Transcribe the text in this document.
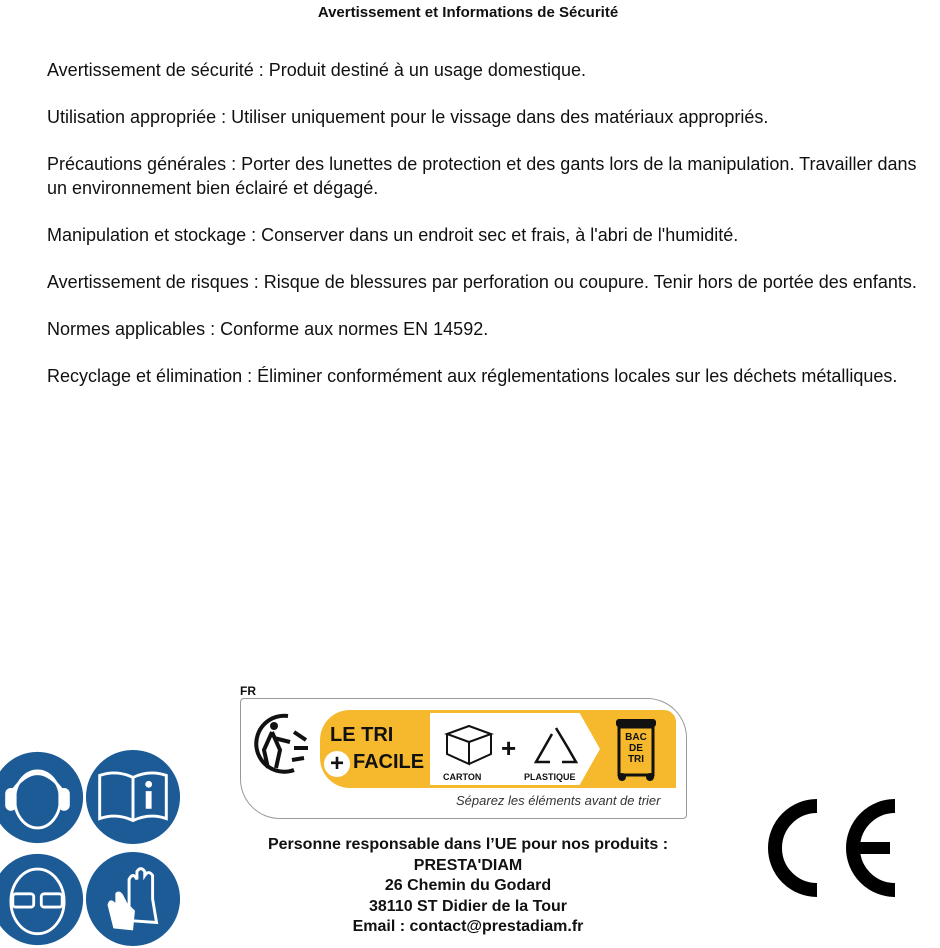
Avertissement et Informations de Sécurité

Avertissement de sécurité : Produit destiné à un usage domestique.

Utilisation appropriée : Utiliser uniquement pour le vissage dans des matériaux appropriés.

Précautions générales : Porter des lunettes de protection et des gants lors de la manipulation. Travailler dans un environnement bien éclairé et dégagé.

Manipulation et stockage : Conserver dans un endroit sec et frais, à l'abri de l'humidité.

Avertissement de risques : Risque de blessures par perforation ou coupure. Tenir hors de portée des enfants.

Normes applicables : Conforme aux normes EN 14592.

Recyclage et élimination : Éliminer conformément aux réglementations locales sur les déchets métalliques.

FR
LE TRI
+ FACILE
CARTON
+
PLASTIQUE
BAC
DE
TRI
Séparez les éléments avant de trier
Personne responsable dans l’UE pour nos produits :
PRESTA'DIAM
26 Chemin du Godard
38110 ST Didier de la Tour
Email : contact@prestadiam.fr
